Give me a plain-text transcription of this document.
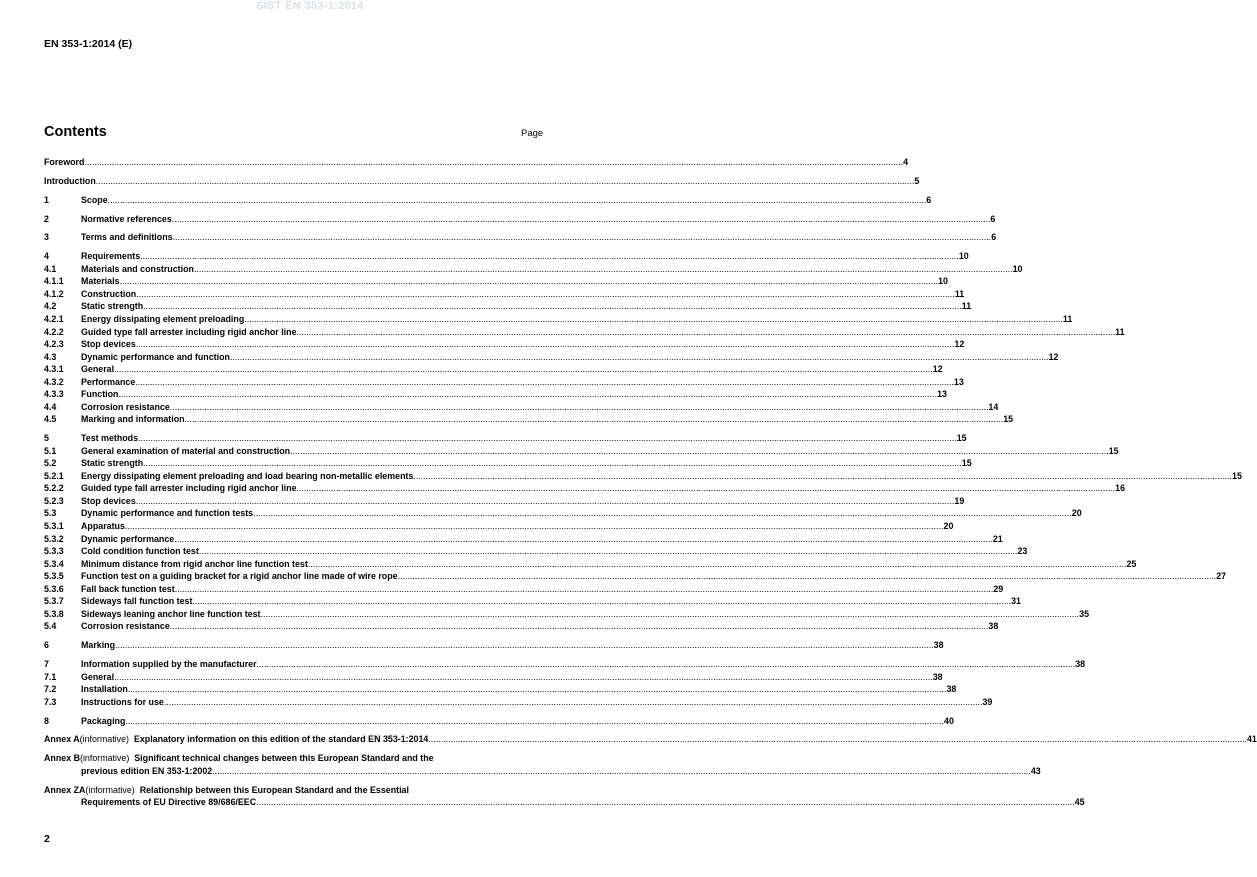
SIST EN 353-1:2014
EN 353-1:2014 (E)
Contents	Page
Foreword .....	4
Introduction .....	5
1	Scope .....	6
2	Normative references .....	6
3	Terms and definitions .....	6
4	Requirements .....	10
4.1	Materials and construction .....	10
4.1.1 Materials .....	10
4.1.2 Construction .....	11
4.2	Static strength .....	11
4.2.1 Energy dissipating element preloading .....	11
4.2.2 Guided type fall arrester including rigid anchor line .....	11
4.2.3 Stop devices .....	12
4.3	Dynamic performance and function .....	12
4.3.1 General .....	12
4.3.2 Performance .....	13
4.3.3 Function .....	13
4.4	Corrosion resistance .....	14
4.5	Marking and information .....	15
5	Test methods .....	15
5.1	General examination of material and construction .....	15
5.2	Static strength .....	15
5.2.1 Energy dissipating element preloading and load bearing non-metallic elements .....	15
5.2.2 Guided type fall arrester including rigid anchor line .....	16
5.2.3 Stop devices .....	19
5.3	Dynamic performance and function tests .....	20
5.3.1 Apparatus .....	20
5.3.2 Dynamic performance .....	21
5.3.3 Cold condition function test .....	23
5.3.4 Minimum distance from rigid anchor line function test .....	25
5.3.5 Function test on a guiding bracket for a rigid anchor line made of wire rope .....	27
5.3.6 Fall back function test .....	29
5.3.7 Sideways fall function test .....	31
5.3.8 Sideways leaning anchor line function test .....	35
5.4	Corrosion resistance .....	38
6	Marking .....	38
7	Information supplied by the manufacturer .....	38
7.1	General .....	38
7.2	Installation .....	38
7.3	Instructions for use .....	39
8	Packaging .....	40
Annex A (informative)
Explanatory information on this edition of the standard EN 353-1:2014 .....	41
Annex B (informative)
Significant technical changes between this European Standard and the
previous edition EN 353-1:2002 .....	43
Annex ZA (informative)
Relationship between this European Standard and the Essential
Requirements of EU Directive 89/686/EEC .....	45
2
